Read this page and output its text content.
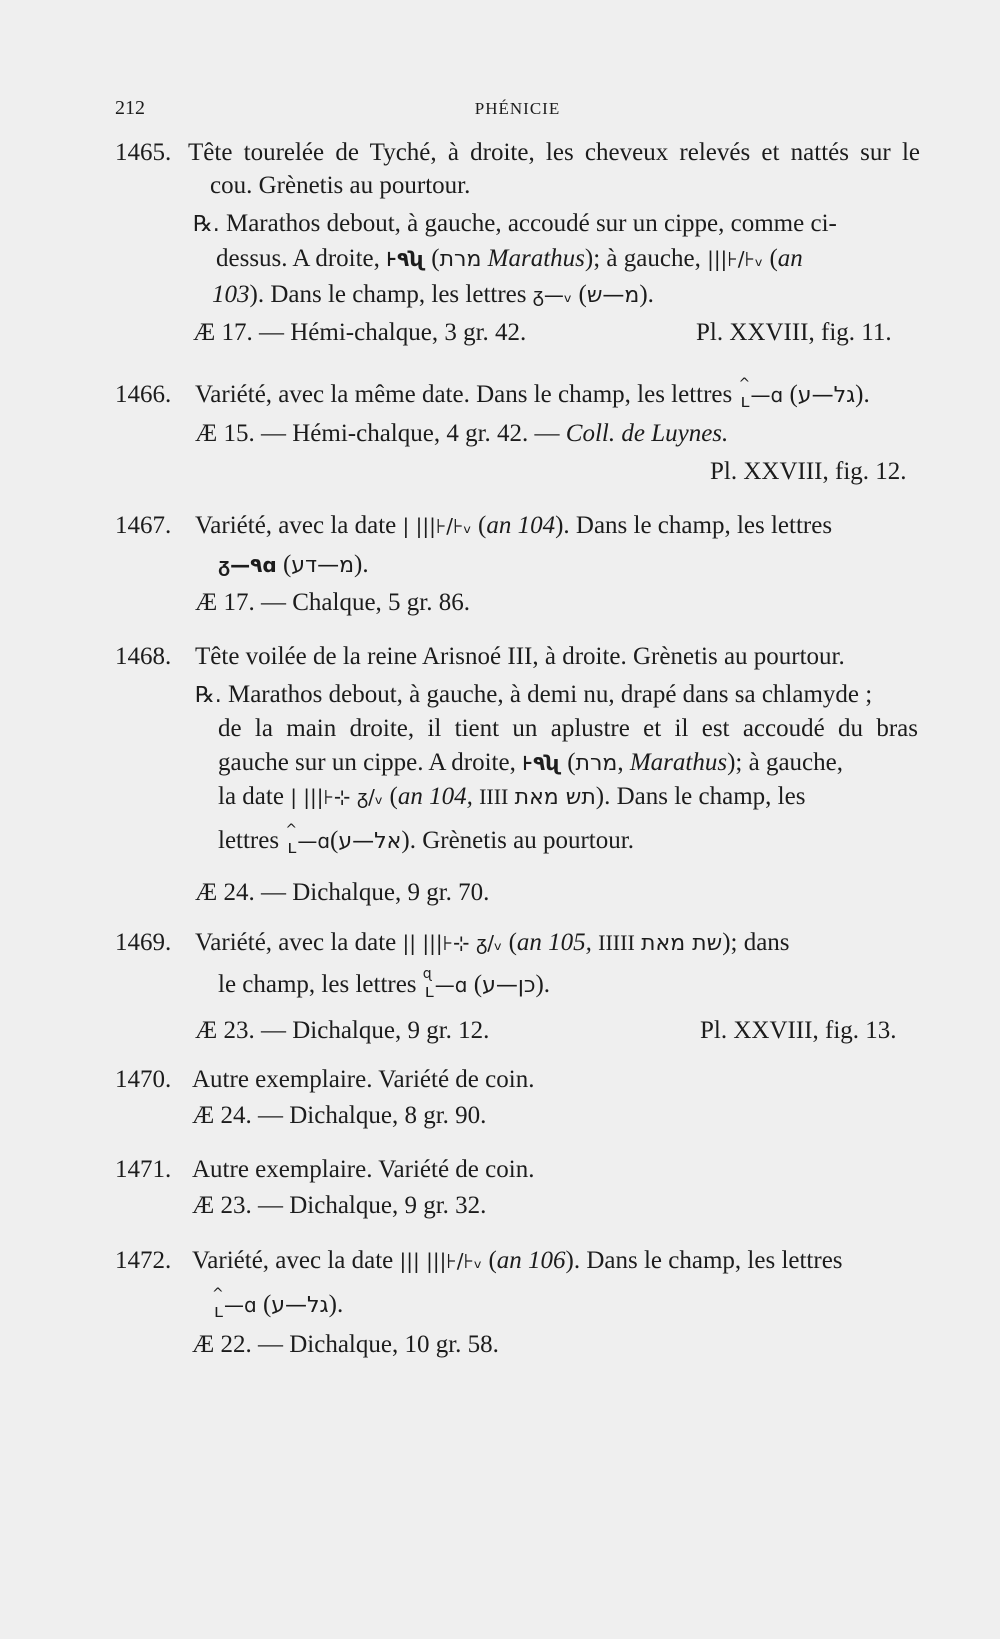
212	PHÉNICIE
1465. Tête tourelée de Tyché, à droite, les cheveux relevés et nattés sur le
cou. Grènetis au pourtour.
℞. Marathos debout, à gauche, accoudé sur un cippe, comme ci-
dessus. A droite, ⊦٩ʯ (מרת Marathus); à gauche, |||⊦/⊦ᵥ (an
103). Dans le champ, les lettres ᵹ—ᵥ (מ—ש).
Æ 17. — Hémi-chalque, 3 gr. 42.	Pl. XXVIII, fig. 11.
1466. Variété, avec la même date. Dans le champ, les lettres ^
ʟ —ɑ (גל—ע).
Æ 15. — Hémi-chalque, 4 gr. 42. — Coll. de Luynes.
Pl. XXVIII, fig. 12.
1467. Variété, avec la date | |||⊦/⊦ᵥ (an 104). Dans le champ, les lettres
ᵹ—٩ɑ (מ—דע).
Æ 17. — Chalque, 5 gr. 86.
1468. Tête voilée de la reine Arisnoé III, à droite. Grènetis au pourtour.
℞. Marathos debout, à gauche, à demi nu, drapé dans sa chlamyde ;
de la main droite, il tient un aplustre et il est accoudé du bras
gauche sur un cippe. A droite, ⊦٩ʯ (מרת, Marathus); à gauche,
la date | |||⊦⊹ ᵹ/ᵥ (an 104, IIII תש מאת). Dans le champ, les
lettres ^
ʟ —ɑ(אל—ע). Grènetis au pourtour.
Æ 24. — Dichalque, 9 gr. 70.
1469. Variété, avec la date || |||⊦⊹ ᵹ/ᵥ (an 105, IIIII שת מאת); dans
le champ, les lettres ɋ
ʟ —ɑ (כן—ע).
Æ 23. — Dichalque, 9 gr. 12.	Pl. XXVIII, fig. 13.
1470. Autre exemplaire. Variété de coin.
Æ 24. — Dichalque, 8 gr. 90.
1471. Autre exemplaire. Variété de coin.
Æ 23. — Dichalque, 9 gr. 32.
1472. Variété, avec la date ||| |||⊦/⊦ᵥ (an 106). Dans le champ, les lettres
^
ʟ —ɑ (גל—ע).
Æ 22. — Dichalque, 10 gr. 58.
